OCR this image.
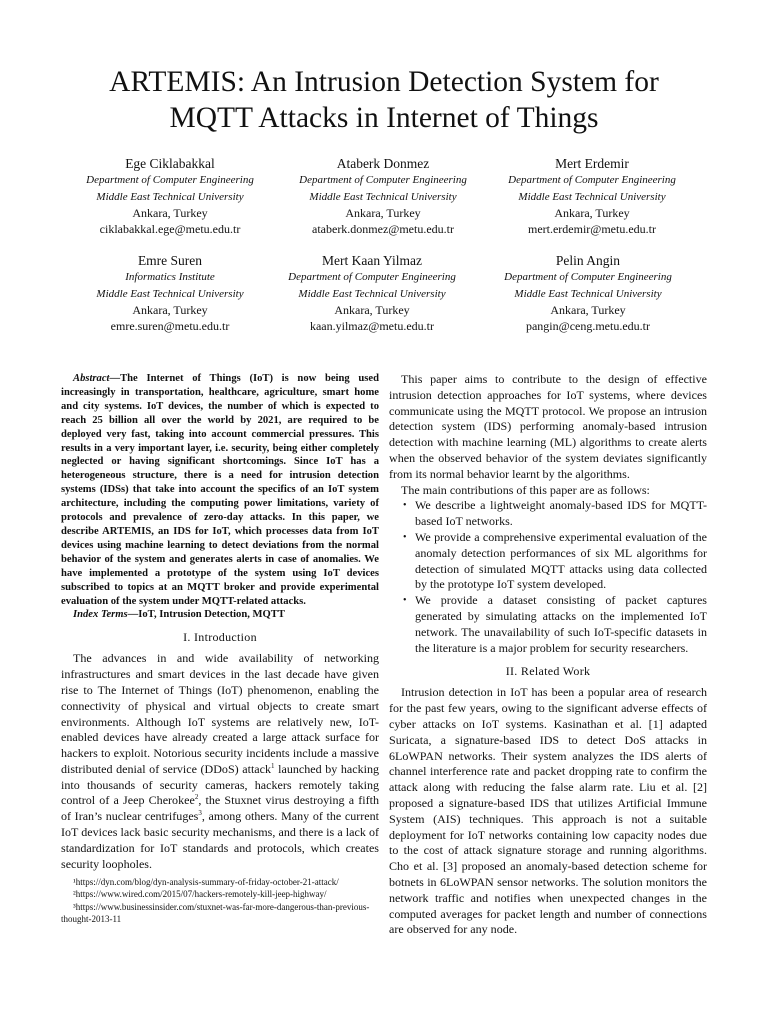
ARTEMIS: An Intrusion Detection System for
MQTT Attacks in Internet of Things
Ege Ciklabakkal
Department of Computer Engineering
Middle East Technical University
Ankara, Turkey
ciklabakkal.ege@metu.edu.tr
Ataberk Donmez
Department of Computer Engineering
Middle East Technical University
Ankara, Turkey
ataberk.donmez@metu.edu.tr
Mert Erdemir
Department of Computer Engineering
Middle East Technical University
Ankara, Turkey
mert.erdemir@metu.edu.tr
Emre Suren
Informatics Institute
Middle East Technical University
Ankara, Turkey
emre.suren@metu.edu.tr
Mert Kaan Yilmaz
Department of Computer Engineering
Middle East Technical University
Ankara, Turkey
kaan.yilmaz@metu.edu.tr
Pelin Angin
Department of Computer Engineering
Middle East Technical University
Ankara, Turkey
pangin@ceng.metu.edu.tr

Abstract—The Internet of Things (IoT) is now being used increasingly in transportation, healthcare, agriculture, smart home and city systems. IoT devices, the number of which is expected to reach 25 billion all over the world by 2021, are required to be deployed very fast, taking into account commercial pressures. This results in a very important layer, i.e. security, being either completely neglected or having significant shortcomings. Since IoT has a heterogeneous structure, there is a need for intrusion detection systems (IDSs) that take into account the specifics of an IoT system architecture, including the computing power limitations, variety of protocols and prevalence of zero-day attacks. In this paper, we describe ARTEMIS, an IDS for IoT, which processes data from IoT devices using machine learning to detect deviations from the normal behavior of the system and generates alerts in case of anomalies. We have implemented a prototype of the system using IoT devices subscribed to topics at an MQTT broker and provide experimental evaluation of the system under MQTT-related attacks.

Index Terms—IoT, Intrusion Detection, MQTT

I. Introduction

The advances in and wide availability of networking infrastructures and smart devices in the last decade have given rise to The Internet of Things (IoT) phenomenon, enabling the connectivity of physical and virtual objects to create smart environments. Although IoT systems are relatively new, IoT-enabled devices have already created a large attack surface for hackers to exploit. Notorious security incidents include a massive distributed denial of service (DDoS) attack$^1$ launched by hacking into thousands of security cameras, hackers remotely taking control of a Jeep Cherokee$^2$, the Stuxnet virus destroying a fifth of Iran’s nuclear centrifuges$^3$, among others. Many of the current IoT devices lack basic security mechanisms, and there is a lack of standardization for IoT standards and protocols, which creates security loopholes.

¹https://dyn.com/blog/dyn-analysis-summary-of-friday-october-21-attack/
²https://www.wired.com/2015/07/hackers-remotely-kill-jeep-highway/
³https://www.businessinsider.com/stuxnet-was-far-more-dangerous-than-previous-thought-2013-11

This paper aims to contribute to the design of effective intrusion detection approaches for IoT systems, where devices communicate using the MQTT protocol. We propose an intrusion detection system (IDS) performing anomaly-based intrusion detection with machine learning (ML) algorithms to create alerts when the observed behavior of the system deviates significantly from its normal behavior learnt by the algorithms.

The main contributions of this paper are as follows:

• We describe a lightweight anomaly-based IDS for MQTT-based IoT networks.
• We provide a comprehensive experimental evaluation of the anomaly detection performances of six ML algorithms for detection of simulated MQTT attacks using data collected by the prototype IoT system developed.
• We provide a dataset consisting of packet captures generated by simulating attacks on the implemented IoT network. The unavailability of such IoT-specific datasets in the literature is a major problem for security researchers.
II. Related Work

Intrusion detection in IoT has been a popular area of research for the past few years, owing to the significant adverse effects of cyber attacks on IoT systems. Kasinathan et al. [1] adapted Suricata, a signature-based IDS to detect DoS attacks in 6LoWPAN networks. Their system analyzes the IDS alerts of channel interference rate and packet dropping rate to confirm the attack along with reducing the false alarm rate. Liu et al. [2] proposed a signature-based IDS that utilizes Artificial Immune System (AIS) techniques. This approach is not a suitable deployment for IoT networks containing low capacity nodes due to the cost of attack signature storage and running algorithms. Cho et al. [3] proposed an anomaly-based detection scheme for botnets in 6LoWPAN sensor networks. The solution monitors the network traffic and notifies when unexpected changes in the computed averages for packet length and number of connections are observed for any node.
